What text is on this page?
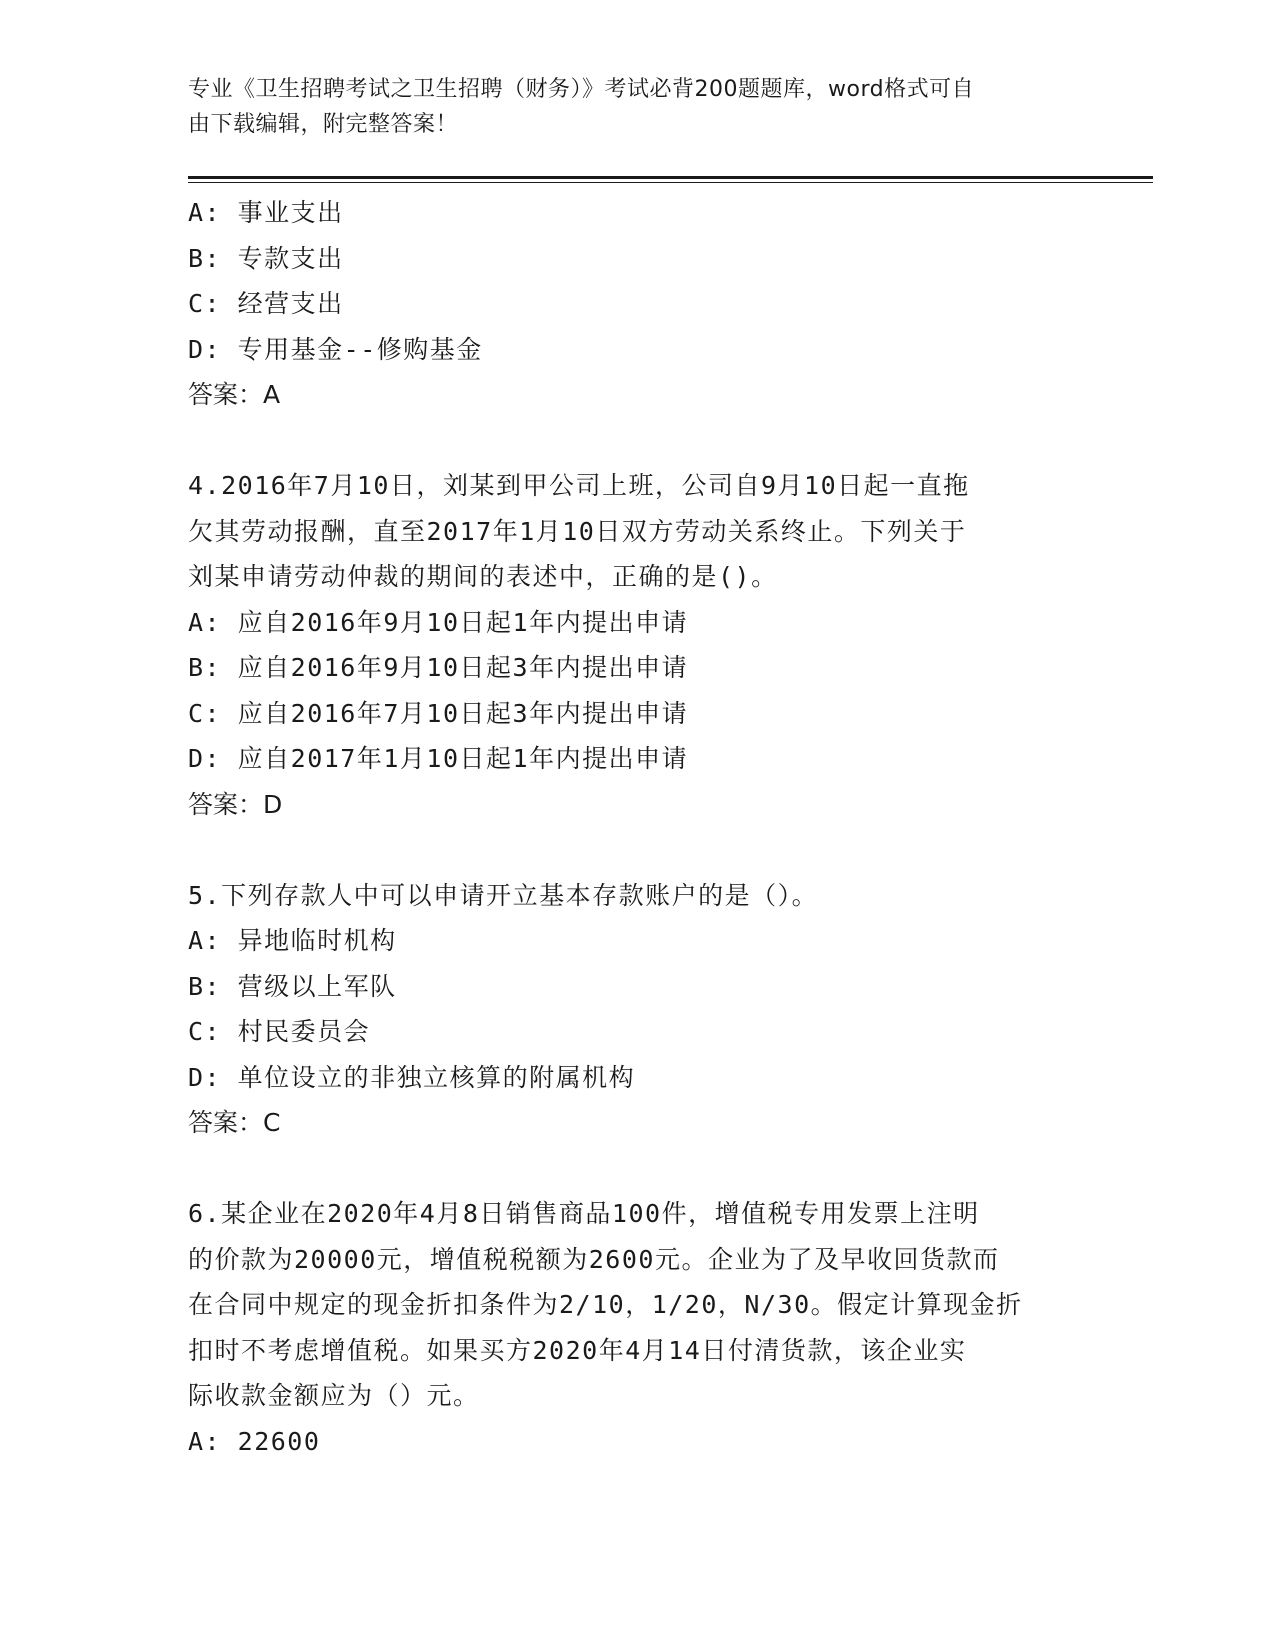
专业《卫生招聘考试之卫生招聘（财务）》考试必背200题题库，word格式可自
由下载编辑，附完整答案！
A: 事业支出
B: 专款支出
C: 经营支出
D: 专用基金--修购基金
答案：A
4.2016年7月10日，刘某到甲公司上班，公司自9月10日起一直拖
欠其劳动报酬，直至2017年1月10日双方劳动关系终止。下列关于
刘某申请劳动仲裁的期间的表述中，正确的是()。
A: 应自2016年9月10日起1年内提出申请
B: 应自2016年9月10日起3年内提出申请
C: 应自2016年7月10日起3年内提出申请
D: 应自2017年1月10日起1年内提出申请
答案：D
5.下列存款人中可以申请开立基本存款账户的是（）。
A: 异地临时机构
B: 营级以上军队
C: 村民委员会
D: 单位设立的非独立核算的附属机构
答案：C
6.某企业在2020年4月8日销售商品100件，增值税专用发票上注明
的价款为20000元，增值税税额为2600元。企业为了及早收回货款而
在合同中规定的现金折扣条件为2/10，1/20，N/30。假定计算现金折
扣时不考虑增值税。如果买方2020年4月14日付清货款，该企业实
际收款金额应为（）元。
A: 22600
